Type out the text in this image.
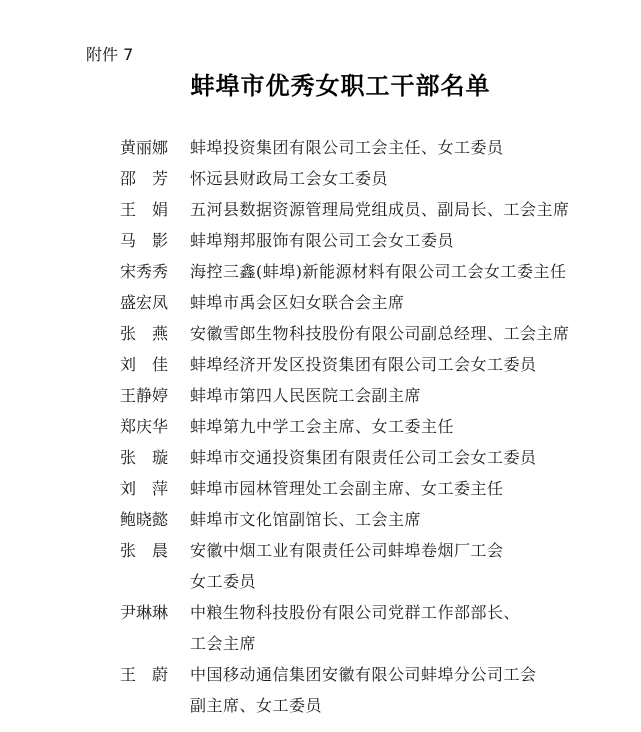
附件 7
蚌埠市优秀女职工干部名单
黄丽娜	蚌埠投资集团有限公司工会主任、女工委员
邵　芳	怀远县财政局工会女工委员
王　娟	五河县数据资源管理局党组成员、副局长、工会主席
马　影	蚌埠翔邦服饰有限公司工会女工委员
宋秀秀	海控三鑫(蚌埠)新能源材料有限公司工会女工委主任
盛宏凤	蚌埠市禹会区妇女联合会主席
张　燕	安徽雪郎生物科技股份有限公司副总经理、工会主席
刘　佳	蚌埠经济开发区投资集团有限公司工会女工委员
王静婷	蚌埠市第四人民医院工会副主席
郑庆华	蚌埠第九中学工会主席、女工委主任
张　璇	蚌埠市交通投资集团有限责任公司工会女工委员
刘　萍	蚌埠市园林管理处工会副主席、女工委主任
鲍晓懿	蚌埠市文化馆副馆长、工会主席
张　晨	安徽中烟工业有限责任公司蚌埠卷烟厂工会
女工委员
尹琳琳	中粮生物科技股份有限公司党群工作部部长、
工会主席
王　蔚	中国移动通信集团安徽有限公司蚌埠分公司工会
副主席、女工委员
